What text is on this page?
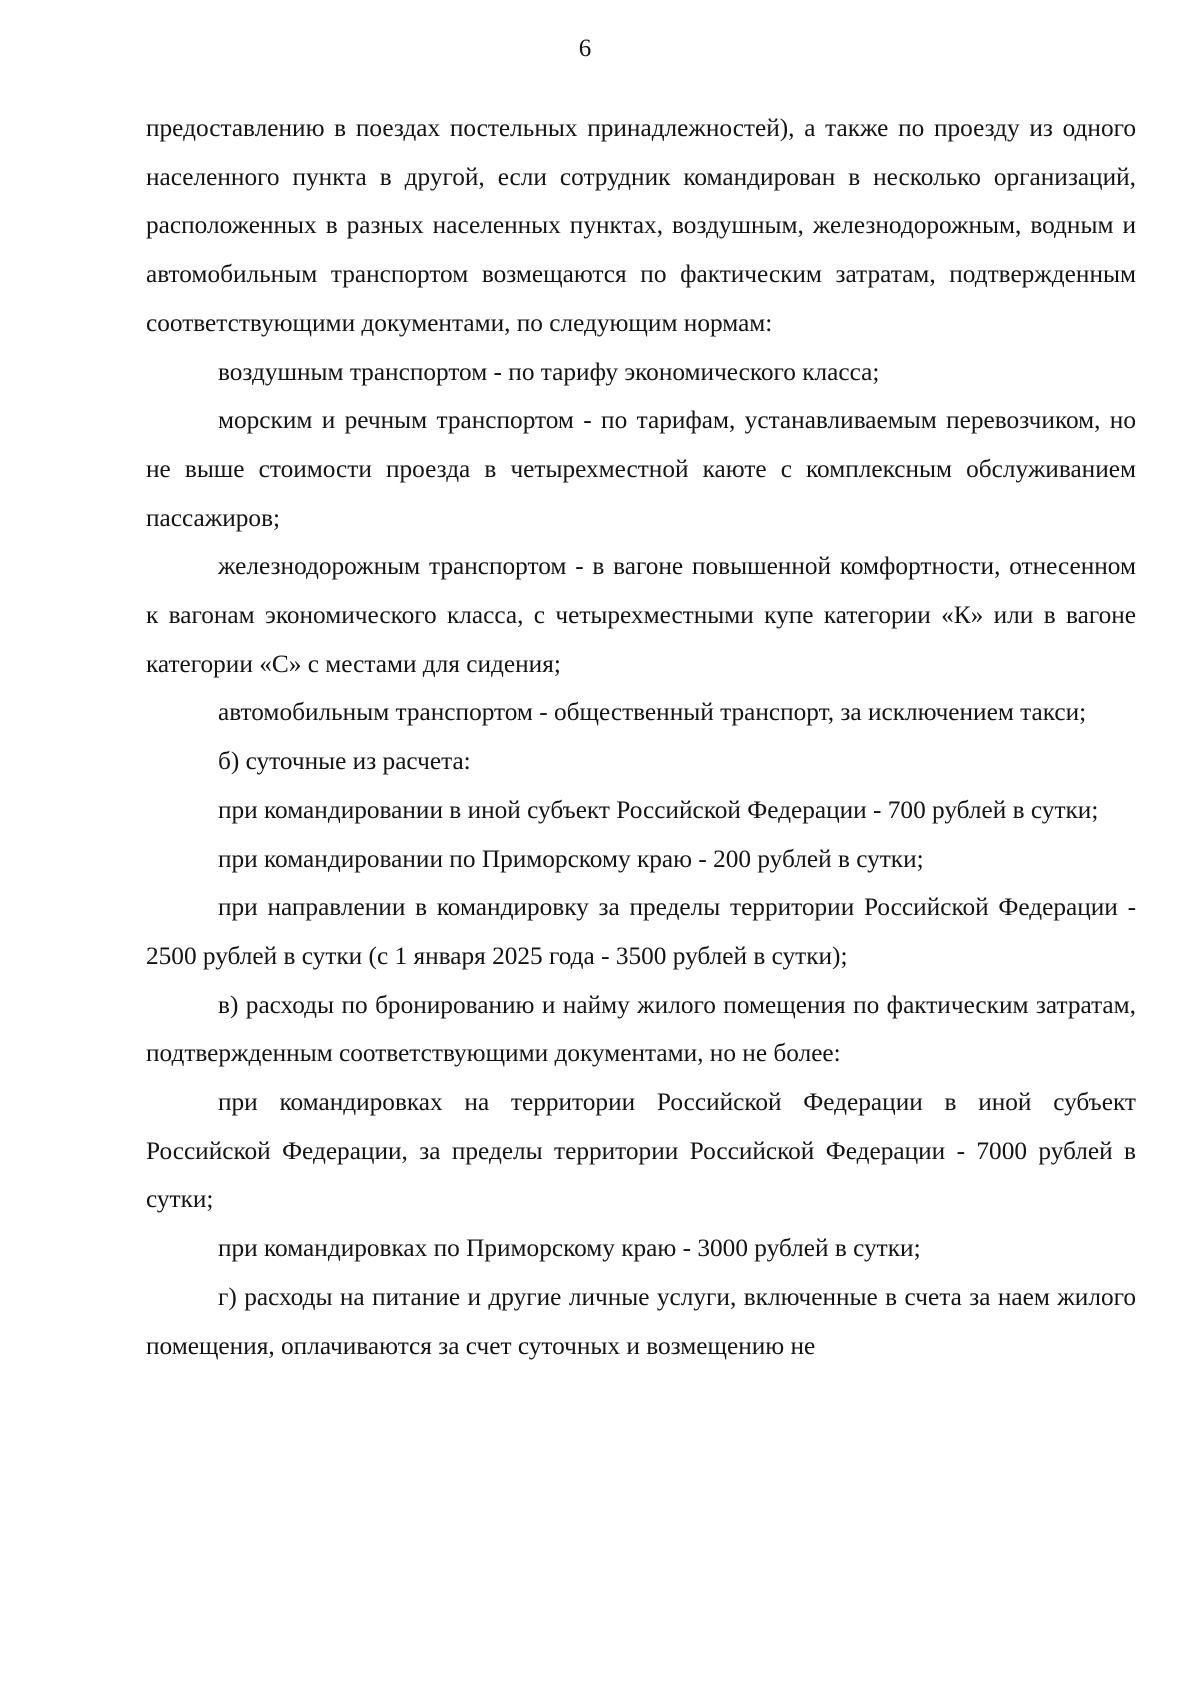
6

предоставлению в поездах постельных принадлежностей), а также по проезду из одного населенного пункта в другой, если сотрудник командирован в несколько организаций, расположенных в разных населенных пунктах, воздушным, железнодорожным, водным и автомобильным транспортом возмещаются по фактическим затратам, подтвержденным соответствующими документами, по следующим нормам:

воздушным транспортом - по тарифу экономического класса;

морским и речным транспортом - по тарифам, устанавливаемым перевозчиком, но не выше стоимости проезда в четырехместной каюте с комплексным обслуживанием пассажиров;

железнодорожным транспортом - в вагоне повышенной комфортности, отнесенном к вагонам экономического класса, с четырехместными купе категории «К» или в вагоне категории «С» с местами для сидения;

автомобильным транспортом - общественный транспорт, за исключением такси;

б) суточные из расчета:

при командировании в иной субъект Российской Федерации - 700 рублей в сутки;

при командировании по Приморскому краю - 200 рублей в сутки;

при направлении в командировку за пределы территории Российской Федерации - 2500 рублей в сутки (с 1 января 2025 года - 3500 рублей в сутки);

в) расходы по бронированию и найму жилого помещения по фактическим затратам, подтвержденным соответствующими документами, но не более:

при командировках на территории Российской Федерации в иной субъект Российской Федерации, за пределы территории Российской Федерации - 7000 рублей в сутки;

при командировках по Приморскому краю - 3000 рублей в сутки;

г) расходы на питание и другие личные услуги, включенные в счета за наем жилого помещения, оплачиваются за счет суточных и возмещению не
